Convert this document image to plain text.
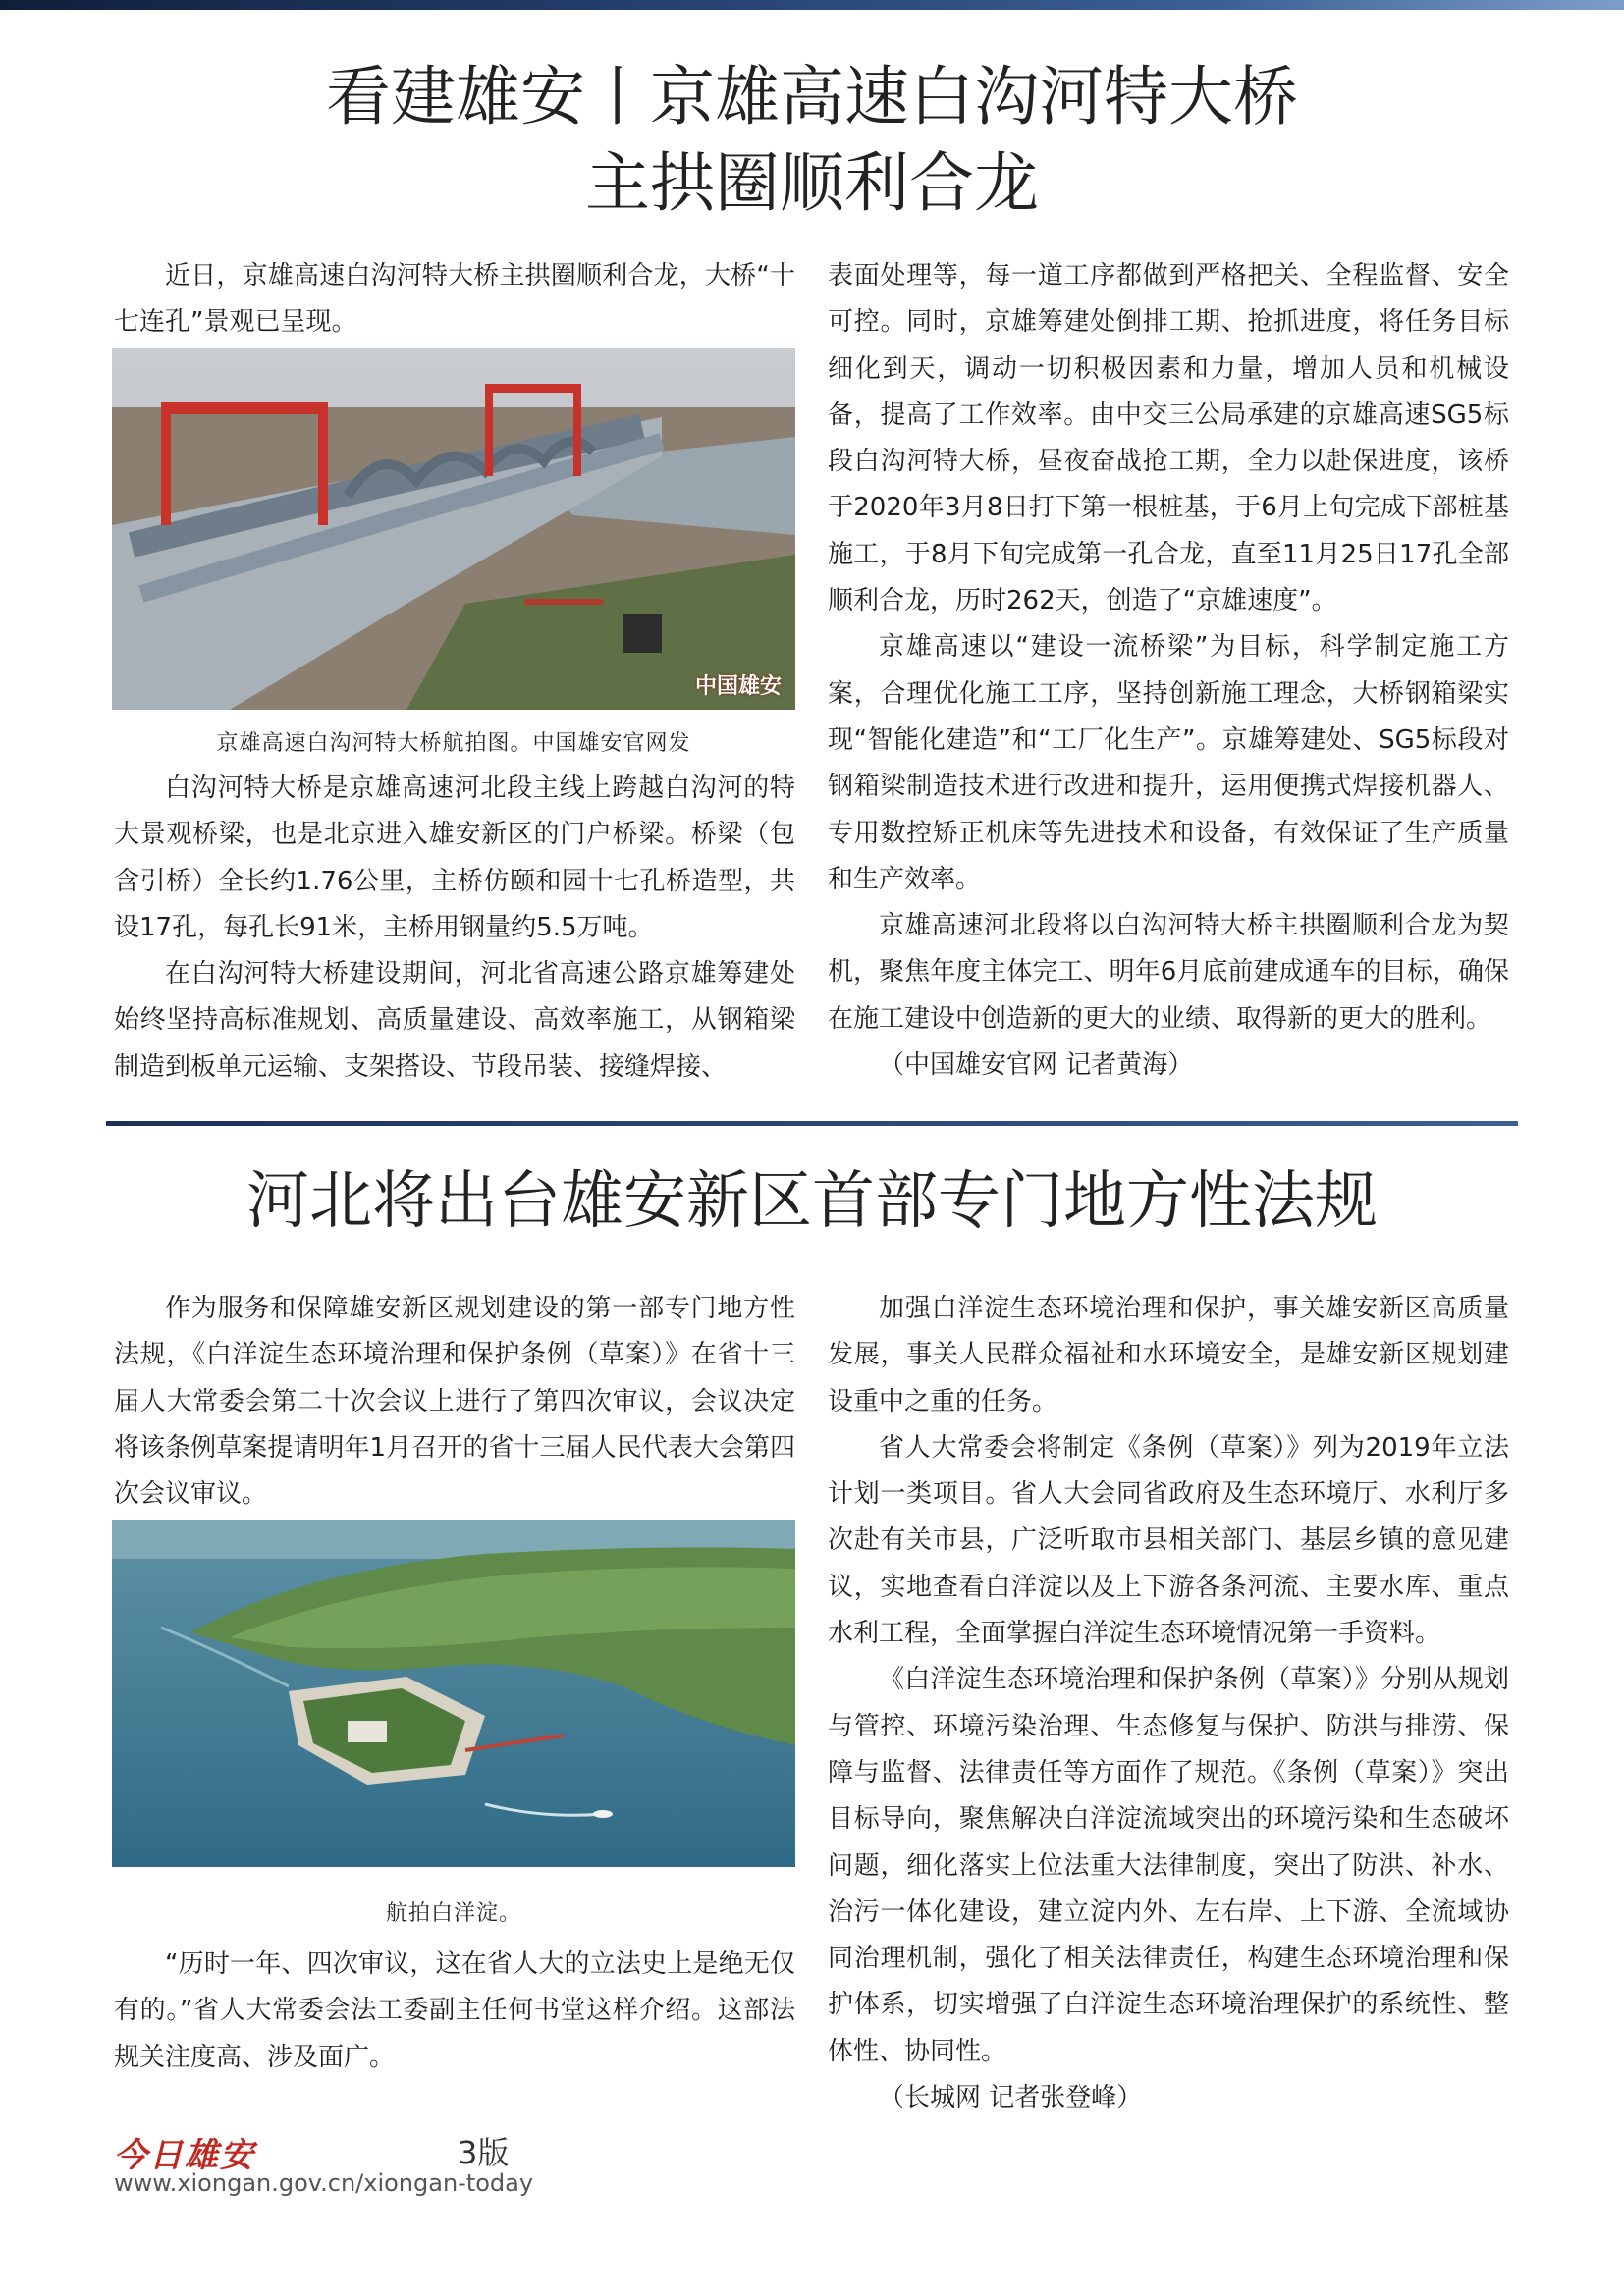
看建雄安丨京雄高速白沟河特大桥
主拱圈顺利合龙

近日，京雄高速白沟河特大桥主拱圈顺利合龙，大桥“十七连孔”景观已呈现。

中国雄安

京雄高速白沟河特大桥航拍图。中国雄安官网发

白沟河特大桥是京雄高速河北段主线上跨越白沟河的特大景观桥梁，也是北京进入雄安新区的门户桥梁。桥梁（包含引桥）全长约1.76公里，主桥仿颐和园十七孔桥造型，共设17孔，每孔长91米，主桥用钢量约5.5万吨。

在白沟河特大桥建设期间，河北省高速公路京雄筹建处始终坚持高标准规划、高质量建设、高效率施工，从钢箱梁制造到板单元运输、支架搭设、节段吊装、接缝焊接、

表面处理等，每一道工序都做到严格把关、全程监督、安全可控。同时，京雄筹建处倒排工期、抢抓进度，将任务目标细化到天，调动一切积极因素和力量，增加人员和机械设备，提高了工作效率。由中交三公局承建的京雄高速SG5标段白沟河特大桥，昼夜奋战抢工期，全力以赴保进度，该桥于2020年3月8日打下第一根桩基，于6月上旬完成下部桩基施工，于8月下旬完成第一孔合龙，直至11月25日17孔全部顺利合龙，历时262天，创造了“京雄速度”。

京雄高速以“建设一流桥梁”为目标，科学制定施工方案，合理优化施工工序，坚持创新施工理念，大桥钢箱梁实现“智能化建造”和“工厂化生产”。京雄筹建处、SG5标段对钢箱梁制造技术进行改进和提升，运用便携式焊接机器人、专用数控矫正机床等先进技术和设备，有效保证了生产质量和生产效率。

京雄高速河北段将以白沟河特大桥主拱圈顺利合龙为契机，聚焦年度主体完工、明年6月底前建成通车的目标，确保在施工建设中创造新的更大的业绩、取得新的更大的胜利。

（中国雄安官网 记者黄海）

河北将出台雄安新区首部专门地方性法规

作为服务和保障雄安新区规划建设的第一部专门地方性法规，《白洋淀生态环境治理和保护条例（草案）》在省十三届人大常委会第二十次会议上进行了第四次审议，会议决定将该条例草案提请明年1月召开的省十三届人民代表大会第四次会议审议。

航拍白洋淀。

“历时一年、四次审议，这在省人大的立法史上是绝无仅有的。”省人大常委会法工委副主任何书堂这样介绍。这部法规关注度高、涉及面广。

加强白洋淀生态环境治理和保护，事关雄安新区高质量发展，事关人民群众福祉和水环境安全，是雄安新区规划建设重中之重的任务。

省人大常委会将制定《条例（草案）》列为2019年立法计划一类项目。省人大会同省政府及生态环境厅、水利厅多次赴有关市县，广泛听取市县相关部门、基层乡镇的意见建议，实地查看白洋淀以及上下游各条河流、主要水库、重点水利工程，全面掌握白洋淀生态环境情况第一手资料。

《白洋淀生态环境治理和保护条例（草案）》分别从规划与管控、环境污染治理、生态修复与保护、防洪与排涝、保障与监督、法律责任等方面作了规范。《条例（草案）》突出目标导向，聚焦解决白洋淀流域突出的环境污染和生态破坏问题，细化落实上位法重大法律制度，突出了防洪、补水、治污一体化建设，建立淀内外、左右岸、上下游、全流域协同治理机制，强化了相关法律责任，构建生态环境治理和保护体系，切实增强了白洋淀生态环境治理保护的系统性、整体性、协同性。

（长城网 记者张登峰）

今日雄安	3版

www.xiongan.gov.cn/xiongan-today
